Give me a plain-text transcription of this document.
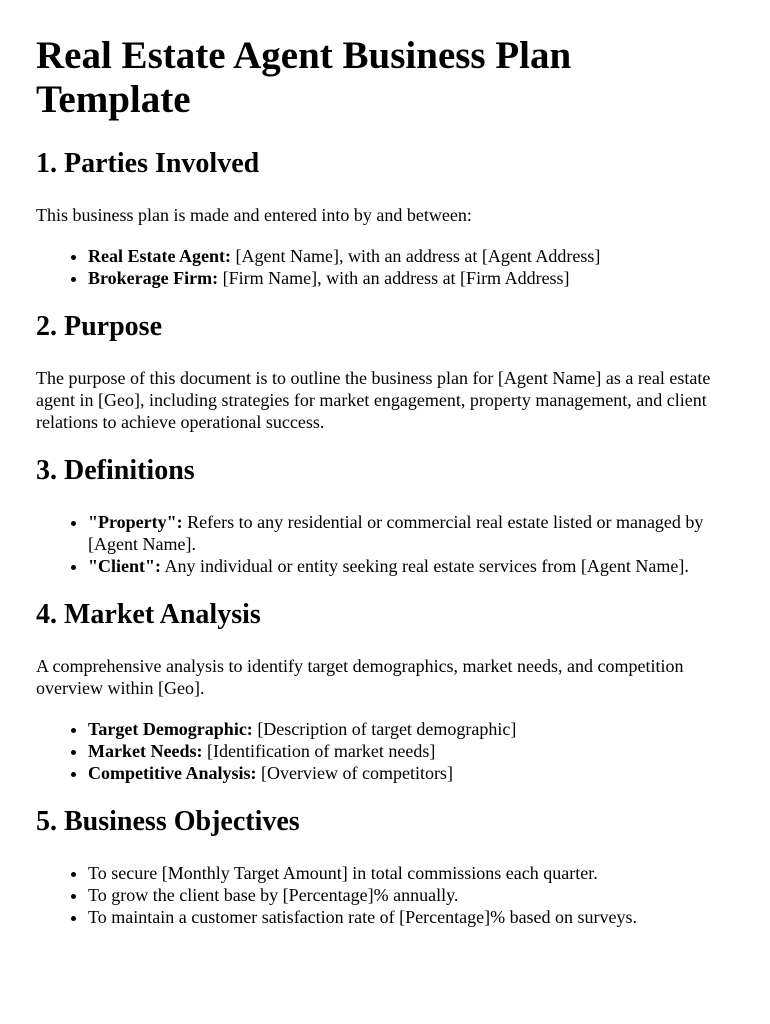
Real Estate Agent Business Plan Template
1. Parties Involved

This business plan is made and entered into by and between:

• Real Estate Agent: [Agent Name], with an address at [Agent Address]
• Brokerage Firm: [Firm Name], with an address at [Firm Address]
2. Purpose

The purpose of this document is to outline the business plan for [Agent Name] as a real estate agent in [Geo], including strategies for market engagement, property management, and client relations to achieve operational success.

3. Definitions
• "Property": Refers to any residential or commercial real estate listed or managed by [Agent Name].
• "Client": Any individual or entity seeking real estate services from [Agent Name].
4. Market Analysis

A comprehensive analysis to identify target demographics, market needs, and competition overview within [Geo].

• Target Demographic: [Description of target demographic]
• Market Needs: [Identification of market needs]
• Competitive Analysis: [Overview of competitors]
5. Business Objectives
• To secure [Monthly Target Amount] in total commissions each quarter.
• To grow the client base by [Percentage]% annually.
• To maintain a customer satisfaction rate of [Percentage]% based on surveys.
